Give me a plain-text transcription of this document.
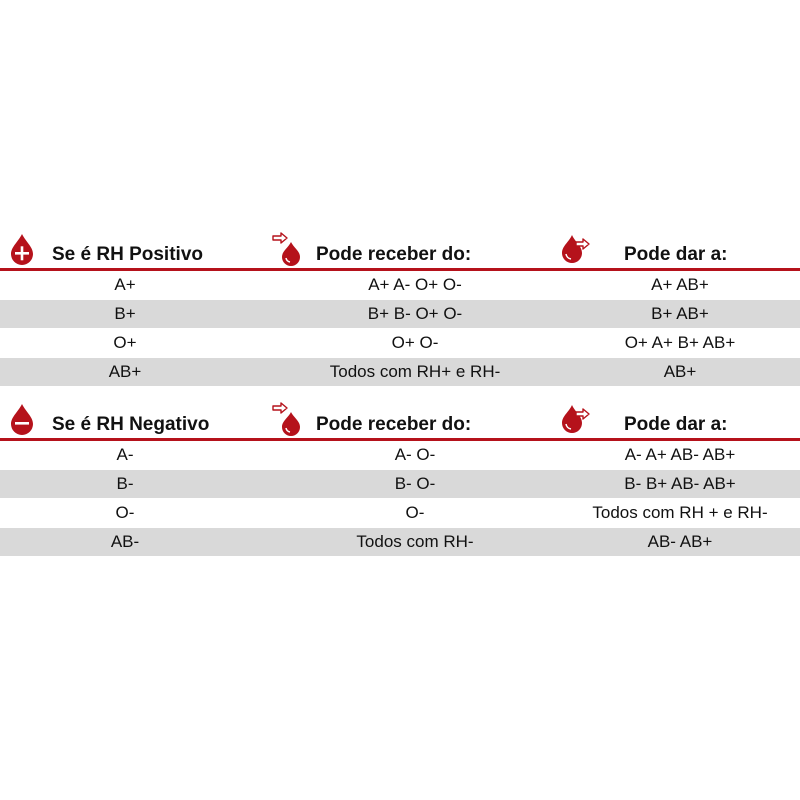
Se é RH Positivo	Pode receber do:	Pode dar a:
A+	A+ A- O+ O-	A+ AB+
B+	B+ B- O+ O-	B+ AB+
O+	O+ O-	O+ A+ B+ AB+
AB+	Todos com RH+ e RH-	AB+
Se é RH Negativo	Pode receber do:	Pode dar a:
A-	A- O-	A- A+ AB- AB+
B-	B- O-	B- B+ AB- AB+
O-	O-	Todos com RH + e RH-
AB-	Todos com RH-	AB- AB+
